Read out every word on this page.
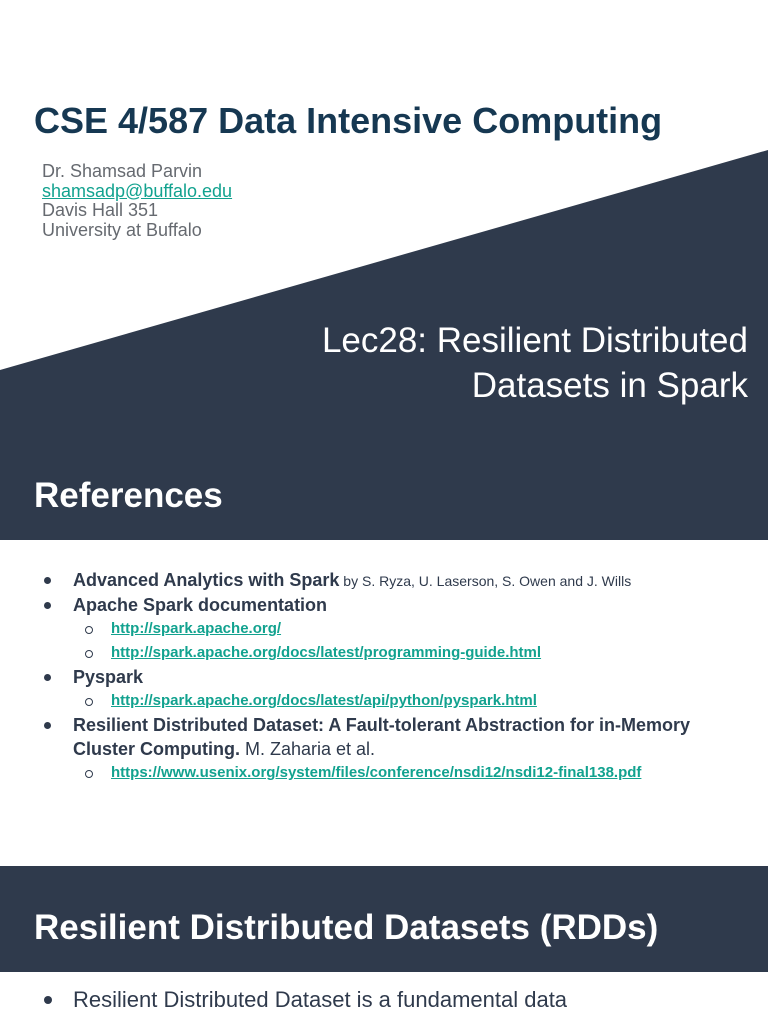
CSE 4/587 Data Intensive Computing
Dr. Shamsad Parvin
shamsadp@buffalo.edu
Davis Hall 351
University at Buffalo
Lec28: Resilient Distributed
Datasets in Spark
References
Advanced Analytics with Spark by S. Ryza, U. Laserson, S. Owen and J. Wills
Apache Spark documentation
http://spark.apache.org/
http://spark.apache.org/docs/latest/programming-guide.html
Pyspark
http://spark.apache.org/docs/latest/api/python/pyspark.html
Resilient Distributed Dataset: A Fault-tolerant Abstraction for in-Memory Cluster Computing. M. Zaharia et al.
https://www.usenix.org/system/files/conference/nsdi12/nsdi12-final138.pdf
Resilient Distributed Dataset is a fundamental data
Resilient Distributed Datasets (RDDs)
